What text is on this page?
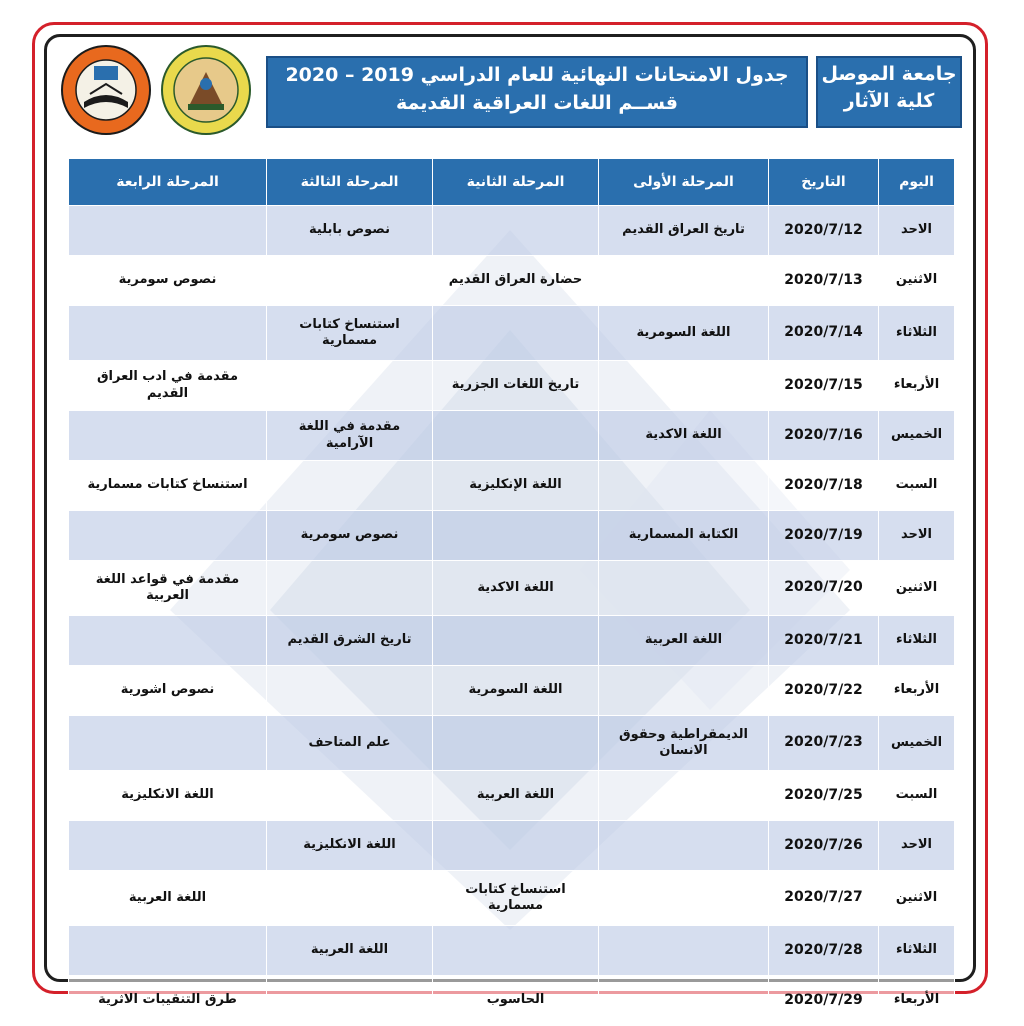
جدول الامتحانات النهائية للعام الدراسي 2019 – 2020
قســم اللغات العراقية القديمة
جامعة الموصل
كلية الآثار
اليوم	التاريخ	المرحلة الأولى	المرحلة الثانية	المرحلة الثالثة	المرحلة الرابعة
الاحد	2020/7/12	تاريخ العراق القديم		نصوص بابلية	
الاثنين	2020/7/13		حضارة العراق القديم		نصوص سومرية
الثلاثاء	2020/7/14	اللغة السومرية		استنساخ كتابات مسمارية	
الأربعاء	2020/7/15		تاريخ اللغات الجزرية		مقدمة في ادب العراق القديم
الخميس	2020/7/16	اللغة الاكدية		مقدمة في اللغة الآرامية	
السبت	2020/7/18		اللغة الإنكليزية		استنساخ كتابات مسمارية
الاحد	2020/7/19	الكتابة المسمارية		نصوص سومرية	
الاثنين	2020/7/20		اللغة الاكدية		مقدمة في قواعد اللغة العربية
الثلاثاء	2020/7/21	اللغة العربية		تاريخ الشرق القديم	
الأربعاء	2020/7/22		اللغة السومرية		نصوص اشورية
الخميس	2020/7/23	الديمقراطية وحقوق الانسان		علم المتاحف	
السبت	2020/7/25		اللغة العربية		اللغة الانكليزية
الاحد	2020/7/26			اللغة الانكليزية	
الاثنين	2020/7/27		استنساخ كتابات مسمارية		اللغة العربية
الثلاثاء	2020/7/28			اللغة العربية	
الأربعاء	2020/7/29		الحاسوب		طرق التنقيبات الاثرية
